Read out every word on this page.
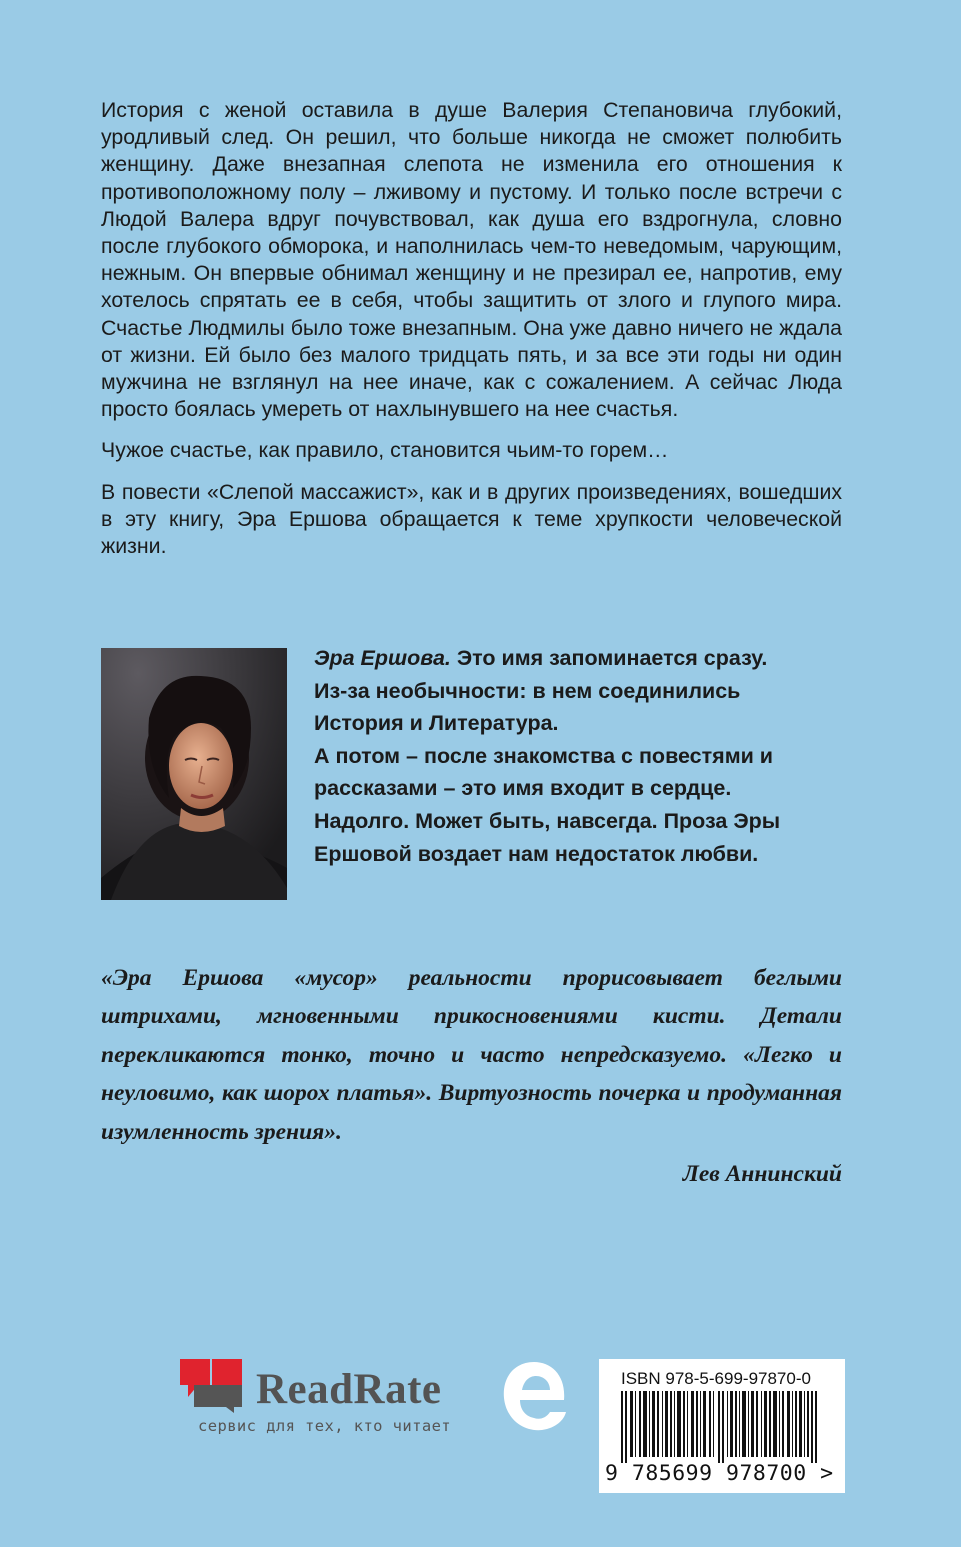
История с женой оставила в душе Валерия Степановича глубокий, уродливый след. Он решил, что больше никогда не сможет полюбить женщину. Даже внезапная слепота не изменила его отношения к противоположному полу – лживому и пустому. И только после встречи с Людой Валера вдруг почувствовал, как душа его вздрогнула, словно после глубокого обморока, и наполнилась чем-то неведомым, чарующим, нежным. Он впервые обнимал женщину и не презирал ее, напротив, ему хотелось спрятать ее в себя, чтобы защитить от злого и глупого мира. Счастье Людмилы было тоже внезапным. Она уже давно ничего не ждала от жизни. Ей было без малого тридцать пять, и за все эти годы ни один мужчина не взглянул на нее иначе, как с сожалением. А сейчас Люда просто боялась умереть от нахлынувшего на нее счастья.

Чужое счастье, как правило, становится чьим-то горем…

В повести «Слепой массажист», как и в других произведениях, вошедших в эту книгу, Эра Ершова обращается к теме хрупкости человеческой жизни.

Эра Ершова. Это имя запоминается сразу. Из-за необычности: в нем соединились История и Литература.
А потом – после знакомства с повестями и рассказами – это имя входит в сердце. Надолго. Может быть, навсегда. Проза Эры Ершовой воздает нам недостаток любви.

«Эра Ершова «мусор» реальности прорисовывает беглыми штрихами, мгновенными прикосновениями кисти. Детали перекликаются тонко, точно и часто непредсказуемо. «Легко и неуловимо, как шорох платья». Виртуозность почерка и продуманная изумленность зрения».

Лев Аннинский
ReadRate
сервис для тех, кто читает
ISBN 978-5-699-97870-0
9 785699 978700 >
